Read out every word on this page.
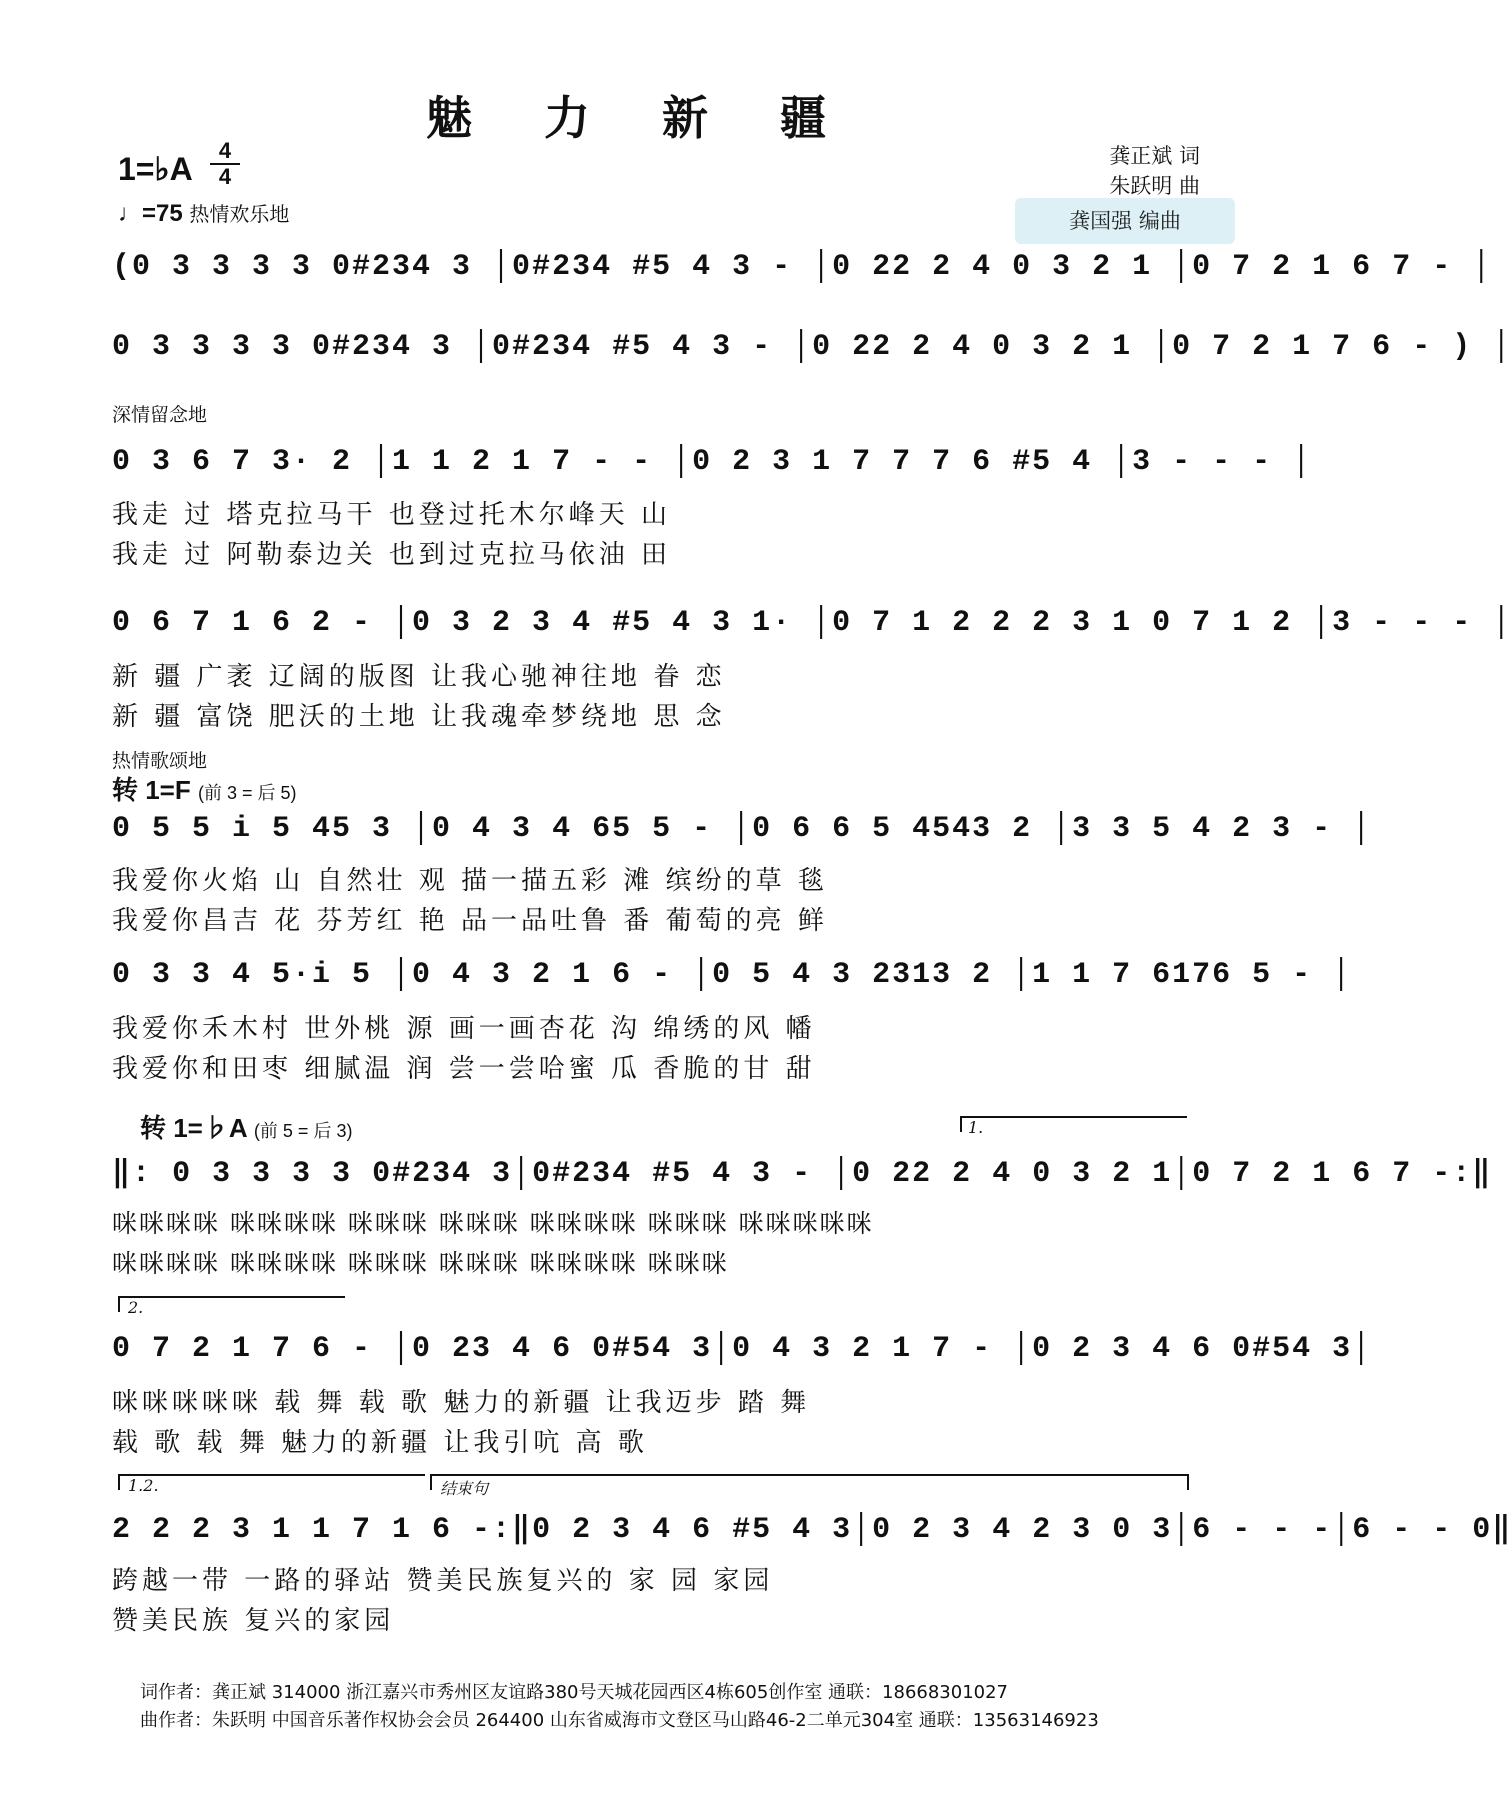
魅 力 新 疆
1=♭A
4
4
♩=75 热情欢乐地
龚正斌 词
朱跃明 曲
龚国强 编曲
(0 3 3 3 3 0#234 3 │0#234 #5 4 3 - │0 22 2 4 0 3 2 1 │0 7 2 1 6 7 - │
0 3 3 3 3 0#234 3 │0#234 #5 4 3 - │0 22 2 4 0 3 2 1 │0 7 2 1 7 6 - ) │
深情留念地
0 3 6 7 3· 2 │1 1 2 1 7 - - │0 2 3 1 7 7 7 6 #5 4 │3 - - - │
我走 过 塔克拉马干 也登过托木尔峰天 山
我走 过 阿勒泰边关 也到过克拉马依油 田
0 6 7 1 6 2 - │0 3 2 3 4 #5 4 3 1· │0 7 1 2 2 2 3 1 0 7 1 2 │3 - - - │
新 疆 广袤 辽阔的版图 让我心驰神往地 眷 恋
新 疆 富饶 肥沃的土地 让我魂牵梦绕地 思 念
热情歌颂地
转 1=F (前 3 = 后 5)
0 5 5 i 5 45 3 │0 4 3 4 65 5 - │0 6 6 5 4543 2 │3 3 5 4 2 3 - │
我爱你火焰 山 自然壮 观 描一描五彩 滩 缤纷的草 毯
我爱你昌吉 花 芬芳红 艳 品一品吐鲁 番 葡萄的亮 鲜
0 3 3 4 5·i 5 │0 4 3 2 1 6 - │0 5 4 3 2313 2 │1 1 7 6176 5 - │
我爱你禾木村 世外桃 源 画一画杏花 沟 绵绣的风 幡
我爱你和田枣 细腻温 润 尝一尝哈蜜 瓜 香脆的甘 甜
转 1=♭A (前 5 = 后 3)	1.
‖: 0 3 3 3 3 0#234 3│0#234 #5 4 3 - │0 22 2 4 0 3 2 1│0 7 2 1 6 7 -:‖
咪咪咪咪 咪咪咪咪 咪咪咪 咪咪咪 咪咪咪咪 咪咪咪 咪咪咪咪咪
咪咪咪咪 咪咪咪咪 咪咪咪 咪咪咪 咪咪咪咪 咪咪咪
2.
0 7 2 1 7 6 - │0 23 4 6 0#54 3│0 4 3 2 1 7 - │0 2 3 4 6 0#54 3│
咪咪咪咪咪 载 舞 载 歌 魅力的新疆 让我迈步 踏 舞
载 歌 载 舞 魅力的新疆 让我引吭 高 歌
1.2.	结束句
2 2 2 3 1 1 7 1 6 -:‖0 2 3 4 6 #5 4 3│0 2 3 4 2 3 0 3│6 - - -│6 - - 0‖
跨越一带 一路的驿站 赞美民族复兴的 家 园 家园
赞美民族 复兴的家园
词作者：龚正斌 314000 浙江嘉兴市秀州区友谊路380号天城花园西区4栋605创作室 通联：18668301027
曲作者：朱跃明 中国音乐著作权协会会员 264400 山东省威海市文登区马山路46-2二单元304室 通联：13563146923
